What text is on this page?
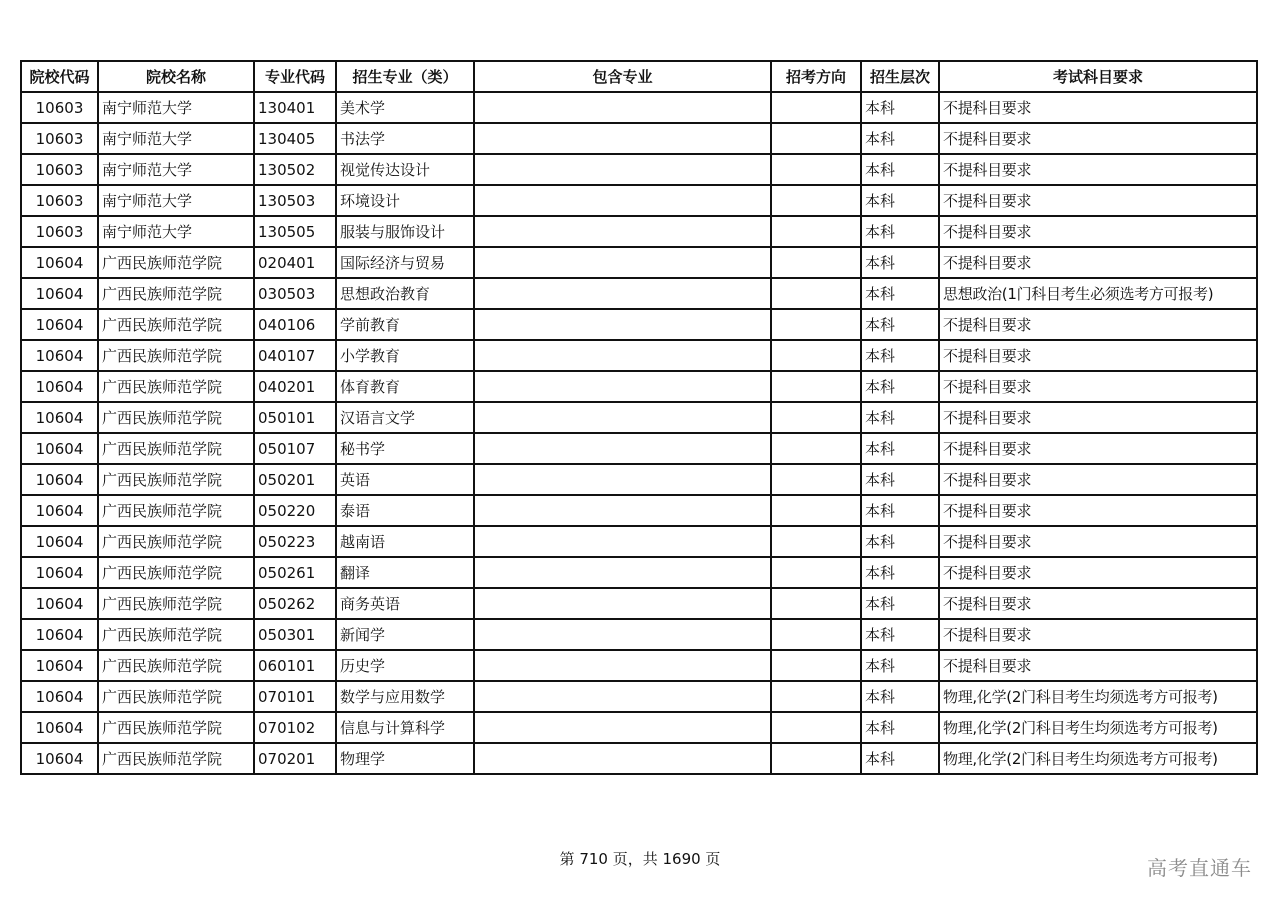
院校代码	院校名称	专业代码	招生专业（类）	包含专业	招考方向	招生层次	考试科目要求
10603	南宁师范大学	130401	美术学			本科	不提科目要求
10603	南宁师范大学	130405	书法学			本科	不提科目要求
10603	南宁师范大学	130502	视觉传达设计			本科	不提科目要求
10603	南宁师范大学	130503	环境设计			本科	不提科目要求
10603	南宁师范大学	130505	服装与服饰设计			本科	不提科目要求
10604	广西民族师范学院	020401	国际经济与贸易			本科	不提科目要求
10604	广西民族师范学院	030503	思想政治教育			本科	思想政治(1门科目考生必须选考方可报考)
10604	广西民族师范学院	040106	学前教育			本科	不提科目要求
10604	广西民族师范学院	040107	小学教育			本科	不提科目要求
10604	广西民族师范学院	040201	体育教育			本科	不提科目要求
10604	广西民族师范学院	050101	汉语言文学			本科	不提科目要求
10604	广西民族师范学院	050107	秘书学			本科	不提科目要求
10604	广西民族师范学院	050201	英语			本科	不提科目要求
10604	广西民族师范学院	050220	泰语			本科	不提科目要求
10604	广西民族师范学院	050223	越南语			本科	不提科目要求
10604	广西民族师范学院	050261	翻译			本科	不提科目要求
10604	广西民族师范学院	050262	商务英语			本科	不提科目要求
10604	广西民族师范学院	050301	新闻学			本科	不提科目要求
10604	广西民族师范学院	060101	历史学			本科	不提科目要求
10604	广西民族师范学院	070101	数学与应用数学			本科	物理,化学(2门科目考生均须选考方可报考)
10604	广西民族师范学院	070102	信息与计算科学			本科	物理,化学(2门科目考生均须选考方可报考)
10604	广西民族师范学院	070201	物理学			本科	物理,化学(2门科目考生均须选考方可报考)
第 710 页，共 1690 页	高考直通车
